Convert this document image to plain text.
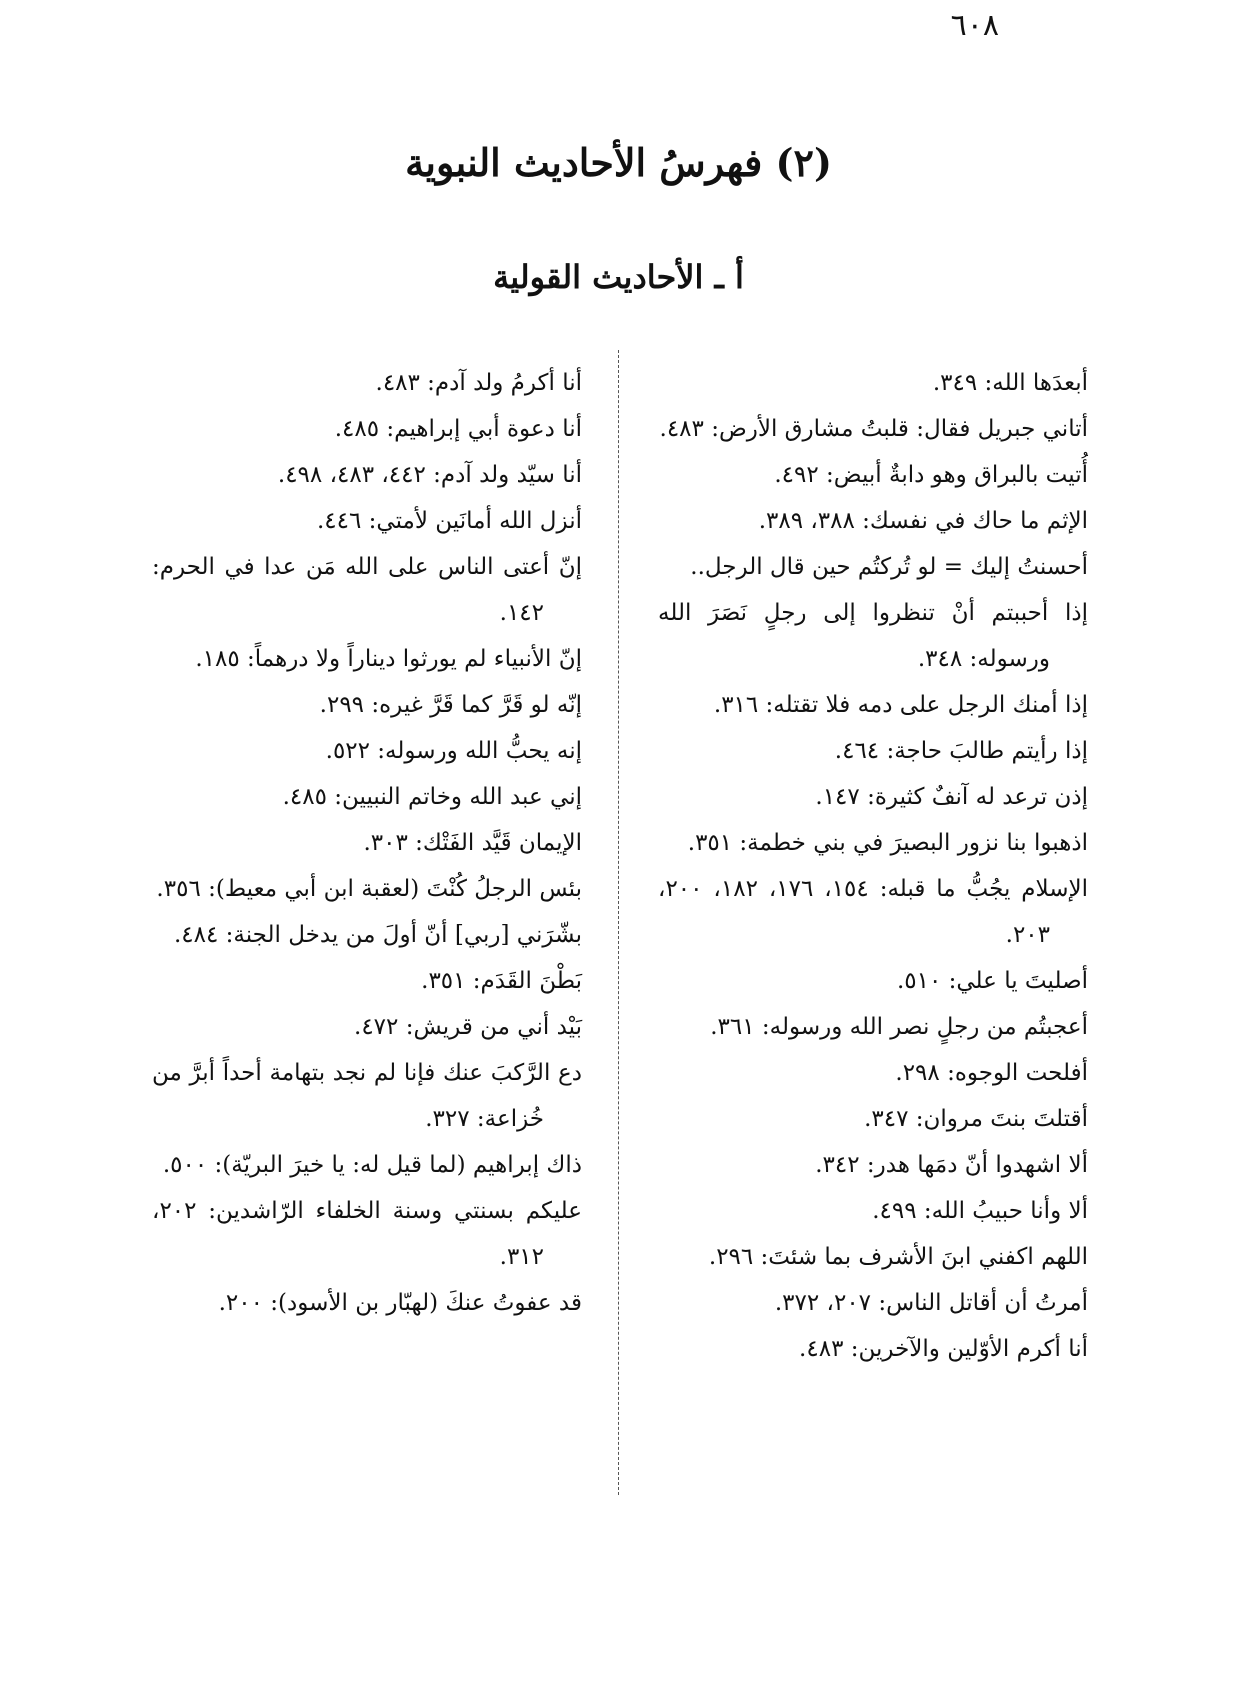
٦٠٨
(٢) فهرسُ الأحاديث النبوية
أ ـ الأحاديث القولية
أبعدَها الله: ٣٤٩.
أتاني جبريل فقال: قلبتُ مشارق الأرض: ٤٨٣.
أُتيت بالبراق وهو دابةٌ أبيض: ٤٩٢.
الإثم ما حاك في نفسك: ٣٨٨، ٣٨٩.
أحسنتُ إليك = لو تُركتُم حين قال الرجل..
إذا أحببتم أنْ تنظروا إلى رجلٍ نَصَرَ الله ورسوله: ٣٤٨.
إذا أمنك الرجل على دمه فلا تقتله: ٣١٦.
إذا رأيتم طالبَ حاجة: ٤٦٤.
إذن ترعد له آنفٌ كثيرة: ١٤٧.
اذهبوا بنا نزور البصيرَ في بني خطمة: ٣٥١.
الإسلام يجُبُّ ما قبله: ١٥٤، ١٧٦، ١٨٢، ٢٠٠، ٢٠٣.
أصليتَ يا علي: ٥١٠.
أعجبتُم من رجلٍ نصر الله ورسوله: ٣٦١.
أفلحت الوجوه: ٢٩٨.
أقتلتَ بنتَ مروان: ٣٤٧.
ألا اشهدوا أنّ دمَها هدر: ٣٤٢.
ألا وأنا حبيبُ الله: ٤٩٩.
اللهم اكفني ابنَ الأشرف بما شئتَ: ٢٩٦.
أمرتُ أن أقاتل الناس: ٢٠٧، ٣٧٢.
أنا أكرم الأوّلين والآخرين: ٤٨٣.
أنا أكرمُ ولد آدم: ٤٨٣.
أنا دعوة أبي إبراهيم: ٤٨٥.
أنا سيّد ولد آدم: ٤٤٢، ٤٨٣، ٤٩٨.
أنزل الله أمانَين لأمتي: ٤٤٦.
إنّ أعتى الناس على الله مَن عدا في الحرم: ١٤٢.
إنّ الأنبياء لم يورثوا ديناراً ولا درهماً: ١٨٥.
إنّه لو قَرَّ كما قَرَّ غيره: ٢٩٩.
إنه يحبُّ الله ورسوله: ٥٢٢.
إني عبد الله وخاتم النبيين: ٤٨٥.
الإيمان قَيَّد الفَتْك: ٣٠٣.
بئس الرجلُ كُنْتَ (لعقبة ابن أبي معيط): ٣٥٦.
بشّرَني [ربي] أنّ أولَ من يدخل الجنة: ٤٨٤.
بَطْنَ القَدَم: ٣٥١.
بَيْد أني من قريش: ٤٧٢.
دع الرَّكبَ عنك فإنا لم نجد بتهامة أحداً أبرَّ من خُزاعة: ٣٢٧.
ذاك إبراهيم (لما قيل له: يا خيرَ البريّة): ٥٠٠.
عليكم بسنتي وسنة الخلفاء الرّاشدين: ٢٠٢، ٣١٢.
قد عفوتُ عنكَ (لهبّار بن الأسود): ٢٠٠.
